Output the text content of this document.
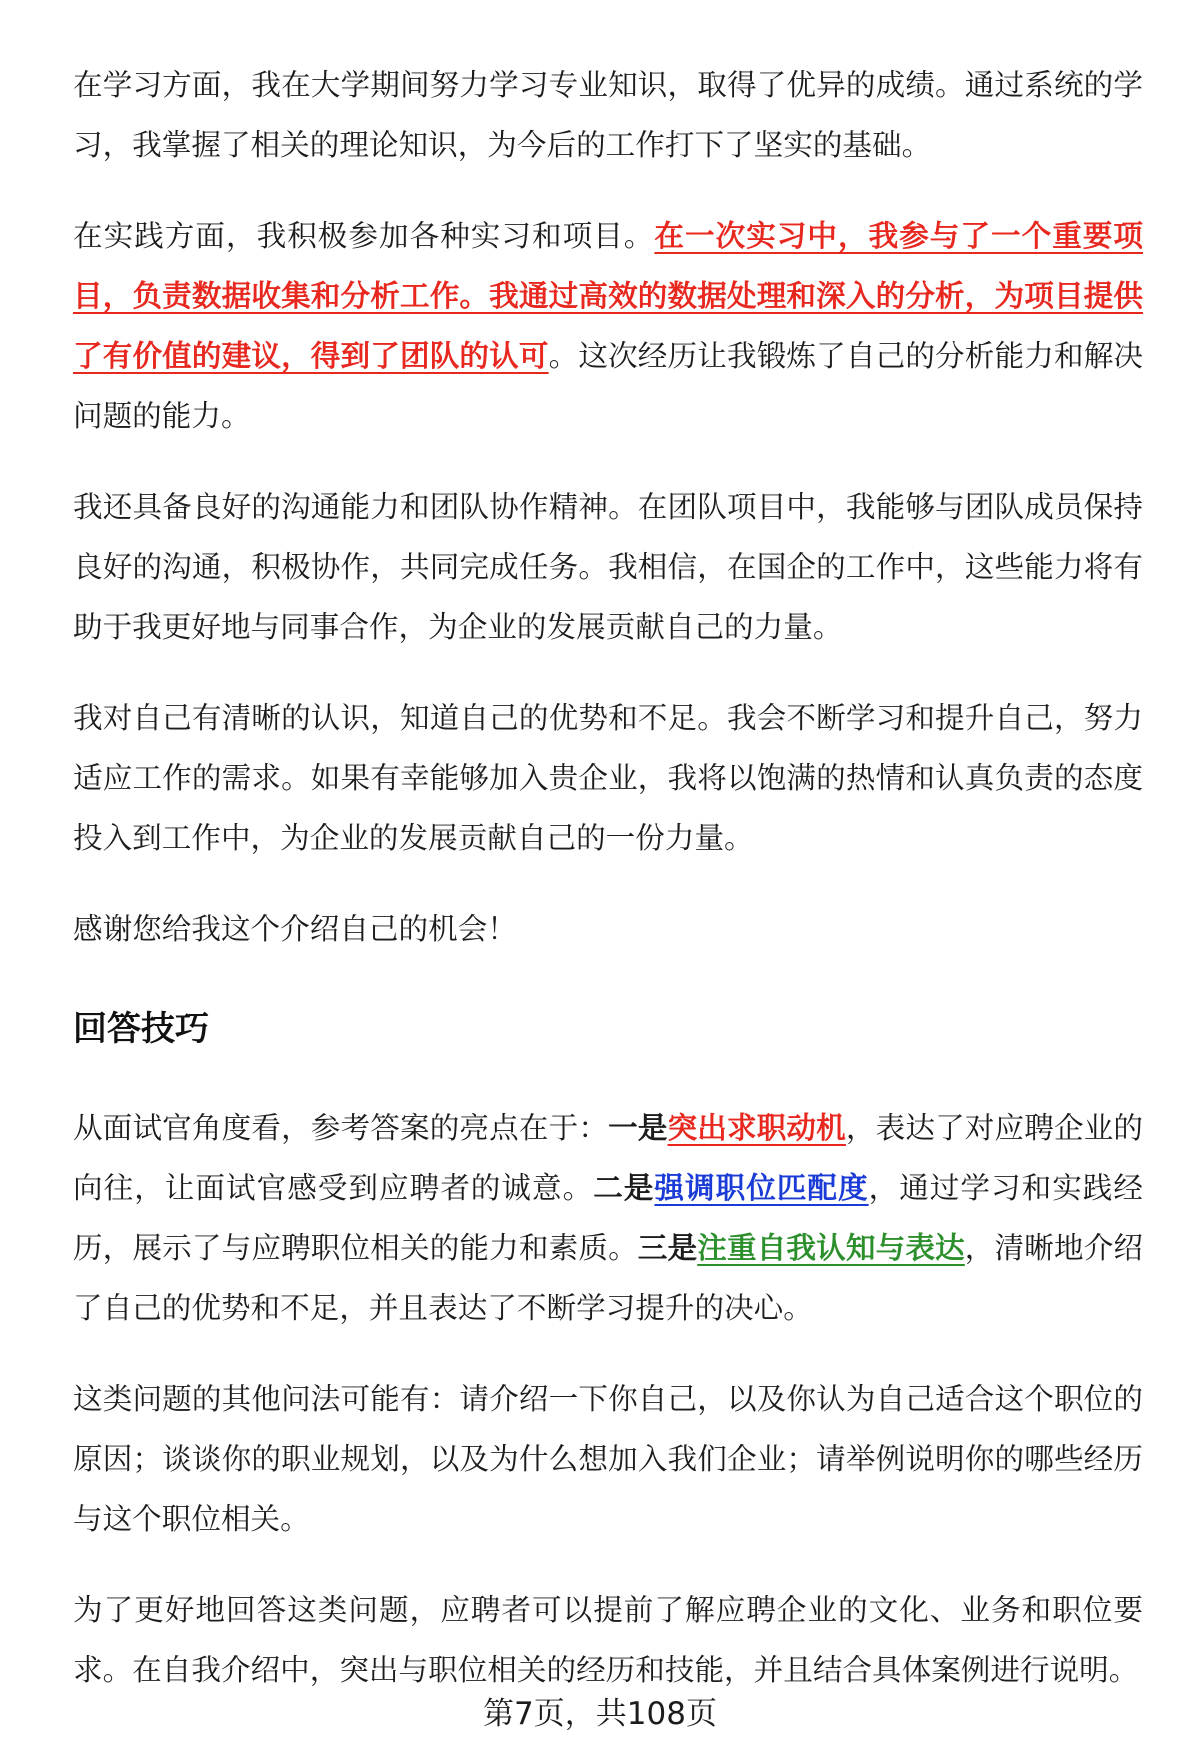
在学习方面，我在大学期间努力学习专业知识，取得了优异的成绩。通过系统的学习，我掌握了相关的理论知识，为今后的工作打下了坚实的基础。

在实践方面，我积极参加各种实习和项目。在一次实习中，我参与了一个重要项目，负责数据收集和分析工作。我通过高效的数据处理和深入的分析，为项目提供了有价值的建议，得到了团队的认可。这次经历让我锻炼了自己的分析能力和解决问题的能力。

我还具备良好的沟通能力和团队协作精神。在团队项目中，我能够与团队成员保持良好的沟通，积极协作，共同完成任务。我相信，在国企的工作中，这些能力将有助于我更好地与同事合作，为企业的发展贡献自己的力量。

我对自己有清晰的认识，知道自己的优势和不足。我会不断学习和提升自己，努力适应工作的需求。如果有幸能够加入贵企业，我将以饱满的热情和认真负责的态度投入到工作中，为企业的发展贡献自己的一份力量。

感谢您给我这个介绍自己的机会！

回答技巧

从面试官角度看，参考答案的亮点在于：一是突出求职动机，表达了对应聘企业的向往，让面试官感受到应聘者的诚意。二是强调职位匹配度，通过学习和实践经历，展示了与应聘职位相关的能力和素质。三是注重自我认知与表达，清晰地介绍了自己的优势和不足，并且表达了不断学习提升的决心。

这类问题的其他问法可能有：请介绍一下你自己，以及你认为自己适合这个职位的原因；谈谈你的职业规划，以及为什么想加入我们企业；请举例说明你的哪些经历与这个职位相关。

为了更好地回答这类问题，应聘者可以提前了解应聘企业的文化、业务和职位要求。在自我介绍中，突出与职位相关的经历和技能，并且结合具体案例进行说明。

第7页，共108页
